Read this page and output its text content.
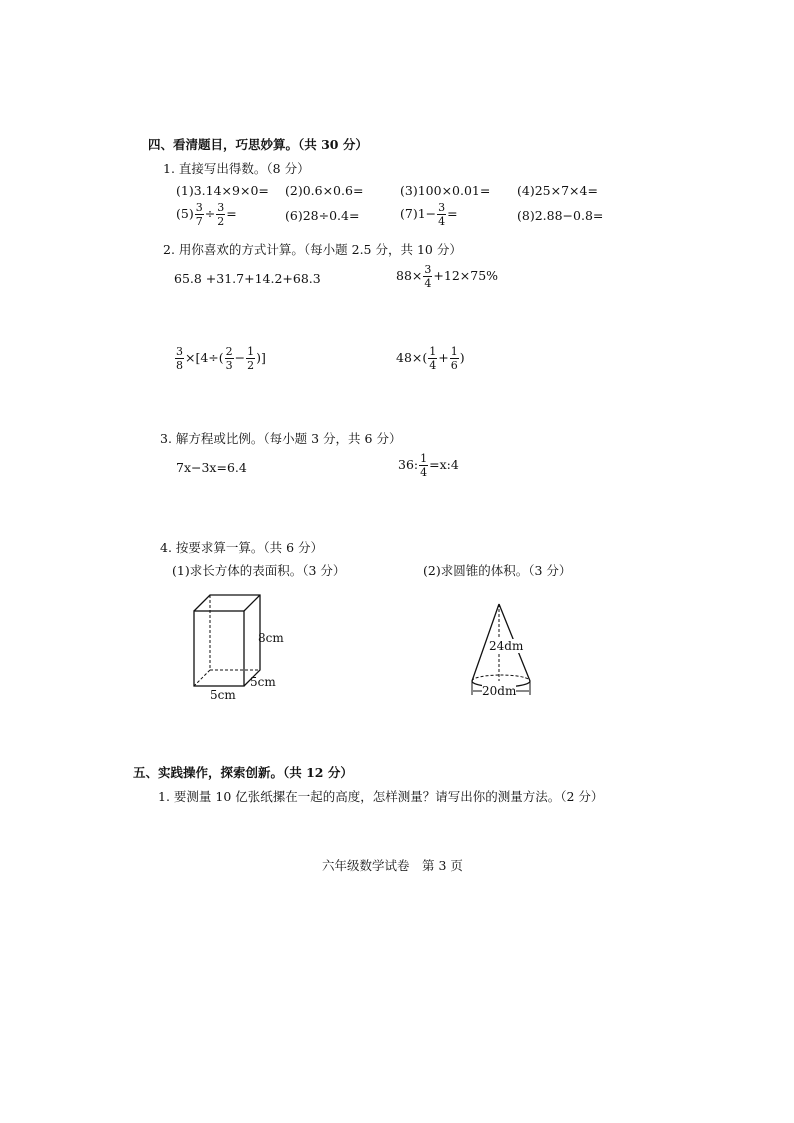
四、看清题目，巧思妙算。（共 30 分）
1. 直接写出得数。（8 分）
(1)3.14×9×0= (2)0.6×0.6=	(3)100×0.01= (4)25×7×4=
$(5) \frac{3}{7} \div \frac{3}{2}$ =	(6)28÷0.4=	$(7)1- \frac{3}{4}$ =	(8)2.88−0.8=
2. 用你喜欢的方式计算。（每小题 2.5 分，共 10 分）
65.8 +31.7+14.2+68.3	$88\times \frac{3}{4} +12\times 75\%$
$\frac{3}{8} \times[4\div( \frac{2}{3} - \frac{1}{2}$ )]	$48\times( \frac{1}{4} + \frac{1}{6}$ )
3. 解方程或比例。（每小题 3 分，共 6 分）
7x−3x=6.4	36: $\frac{1}{4}$ =x:4
4. 按要求算一算。（共 6 分）
(1)求长方体的表面积。（3 分）	(2)求圆锥的体积。（3 分）
8cm
5cm
5cm
24dm
20dm
五、实践操作，探索创新。（共 12 分）
1. 要测量 10 亿张纸摞在一起的高度，怎样测量？请写出你的测量方法。（2 分）
六年级数学试卷　第 3 页
